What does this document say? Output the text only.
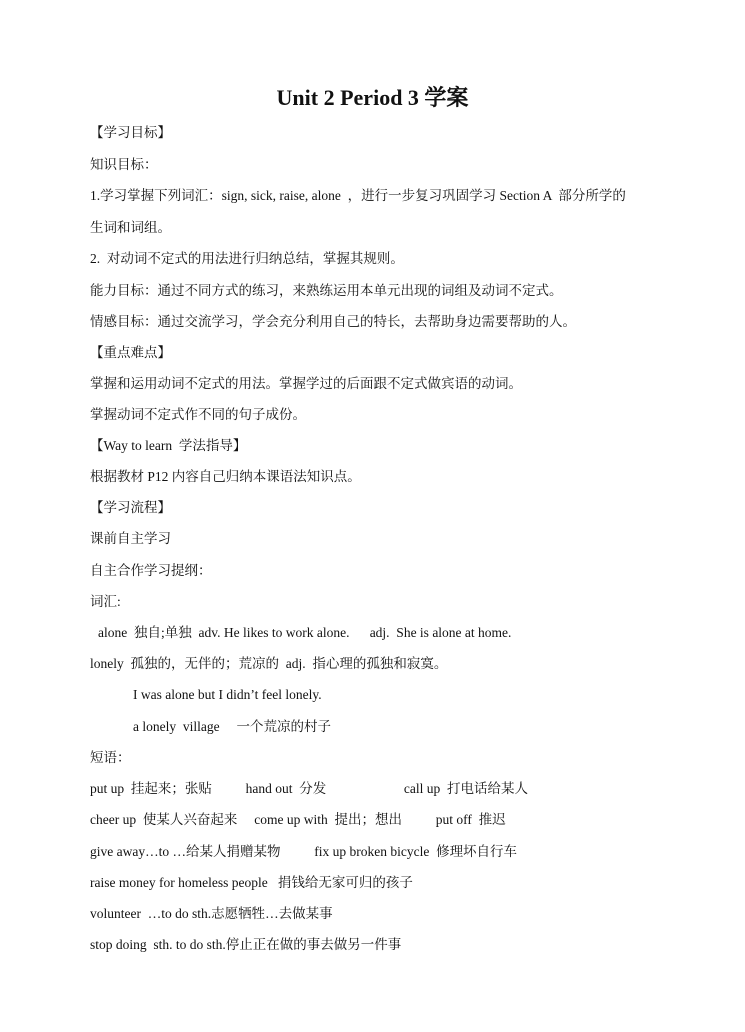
Unit 2 Period 3 学案
【学习目标】
知识目标：
1.学习掌握下列词汇：sign, sick, raise, alone  ，进行一步复习巩固学习 Section A  部分所学的
生词和词组。
2.  对动词不定式的用法进行归纳总结，掌握其规则。
能力目标：通过不同方式的练习，来熟练运用本单元出现的词组及动词不定式。
情感目标：通过交流学习，学会充分利用自己的特长，去帮助身边需要帮助的人。
【重点难点】
掌握和运用动词不定式的用法。掌握学过的后面跟不定式做宾语的动词。
掌握动词不定式作不同的句子成份。
【Way to learn  学法指导】
根据教材 P12 内容自己归纳本课语法知识点。
【学习流程】
课前自主学习
自主合作学习提纲：
词汇:
alone  独自;单独  adv. He likes to work alone.      adj.  She is alone at home.
lonely  孤独的，无伴的；荒凉的  adj.  指心理的孤独和寂寞。
I was alone but I didn’t feel lonely.
a lonely  village     一个荒凉的村子
短语：
put up  挂起来；张贴          hand out  分发                       call up  打电话给某人
cheer up  使某人兴奋起来     come up with  提出；想出          put off  推迟
give away…to …给某人捐赠某物          fix up broken bicycle  修理坏自行车
raise money for homeless people   捐钱给无家可归的孩子
volunteer  …to do sth.志愿牺牲…去做某事
stop doing  sth. to do sth.停止正在做的事去做另一件事
